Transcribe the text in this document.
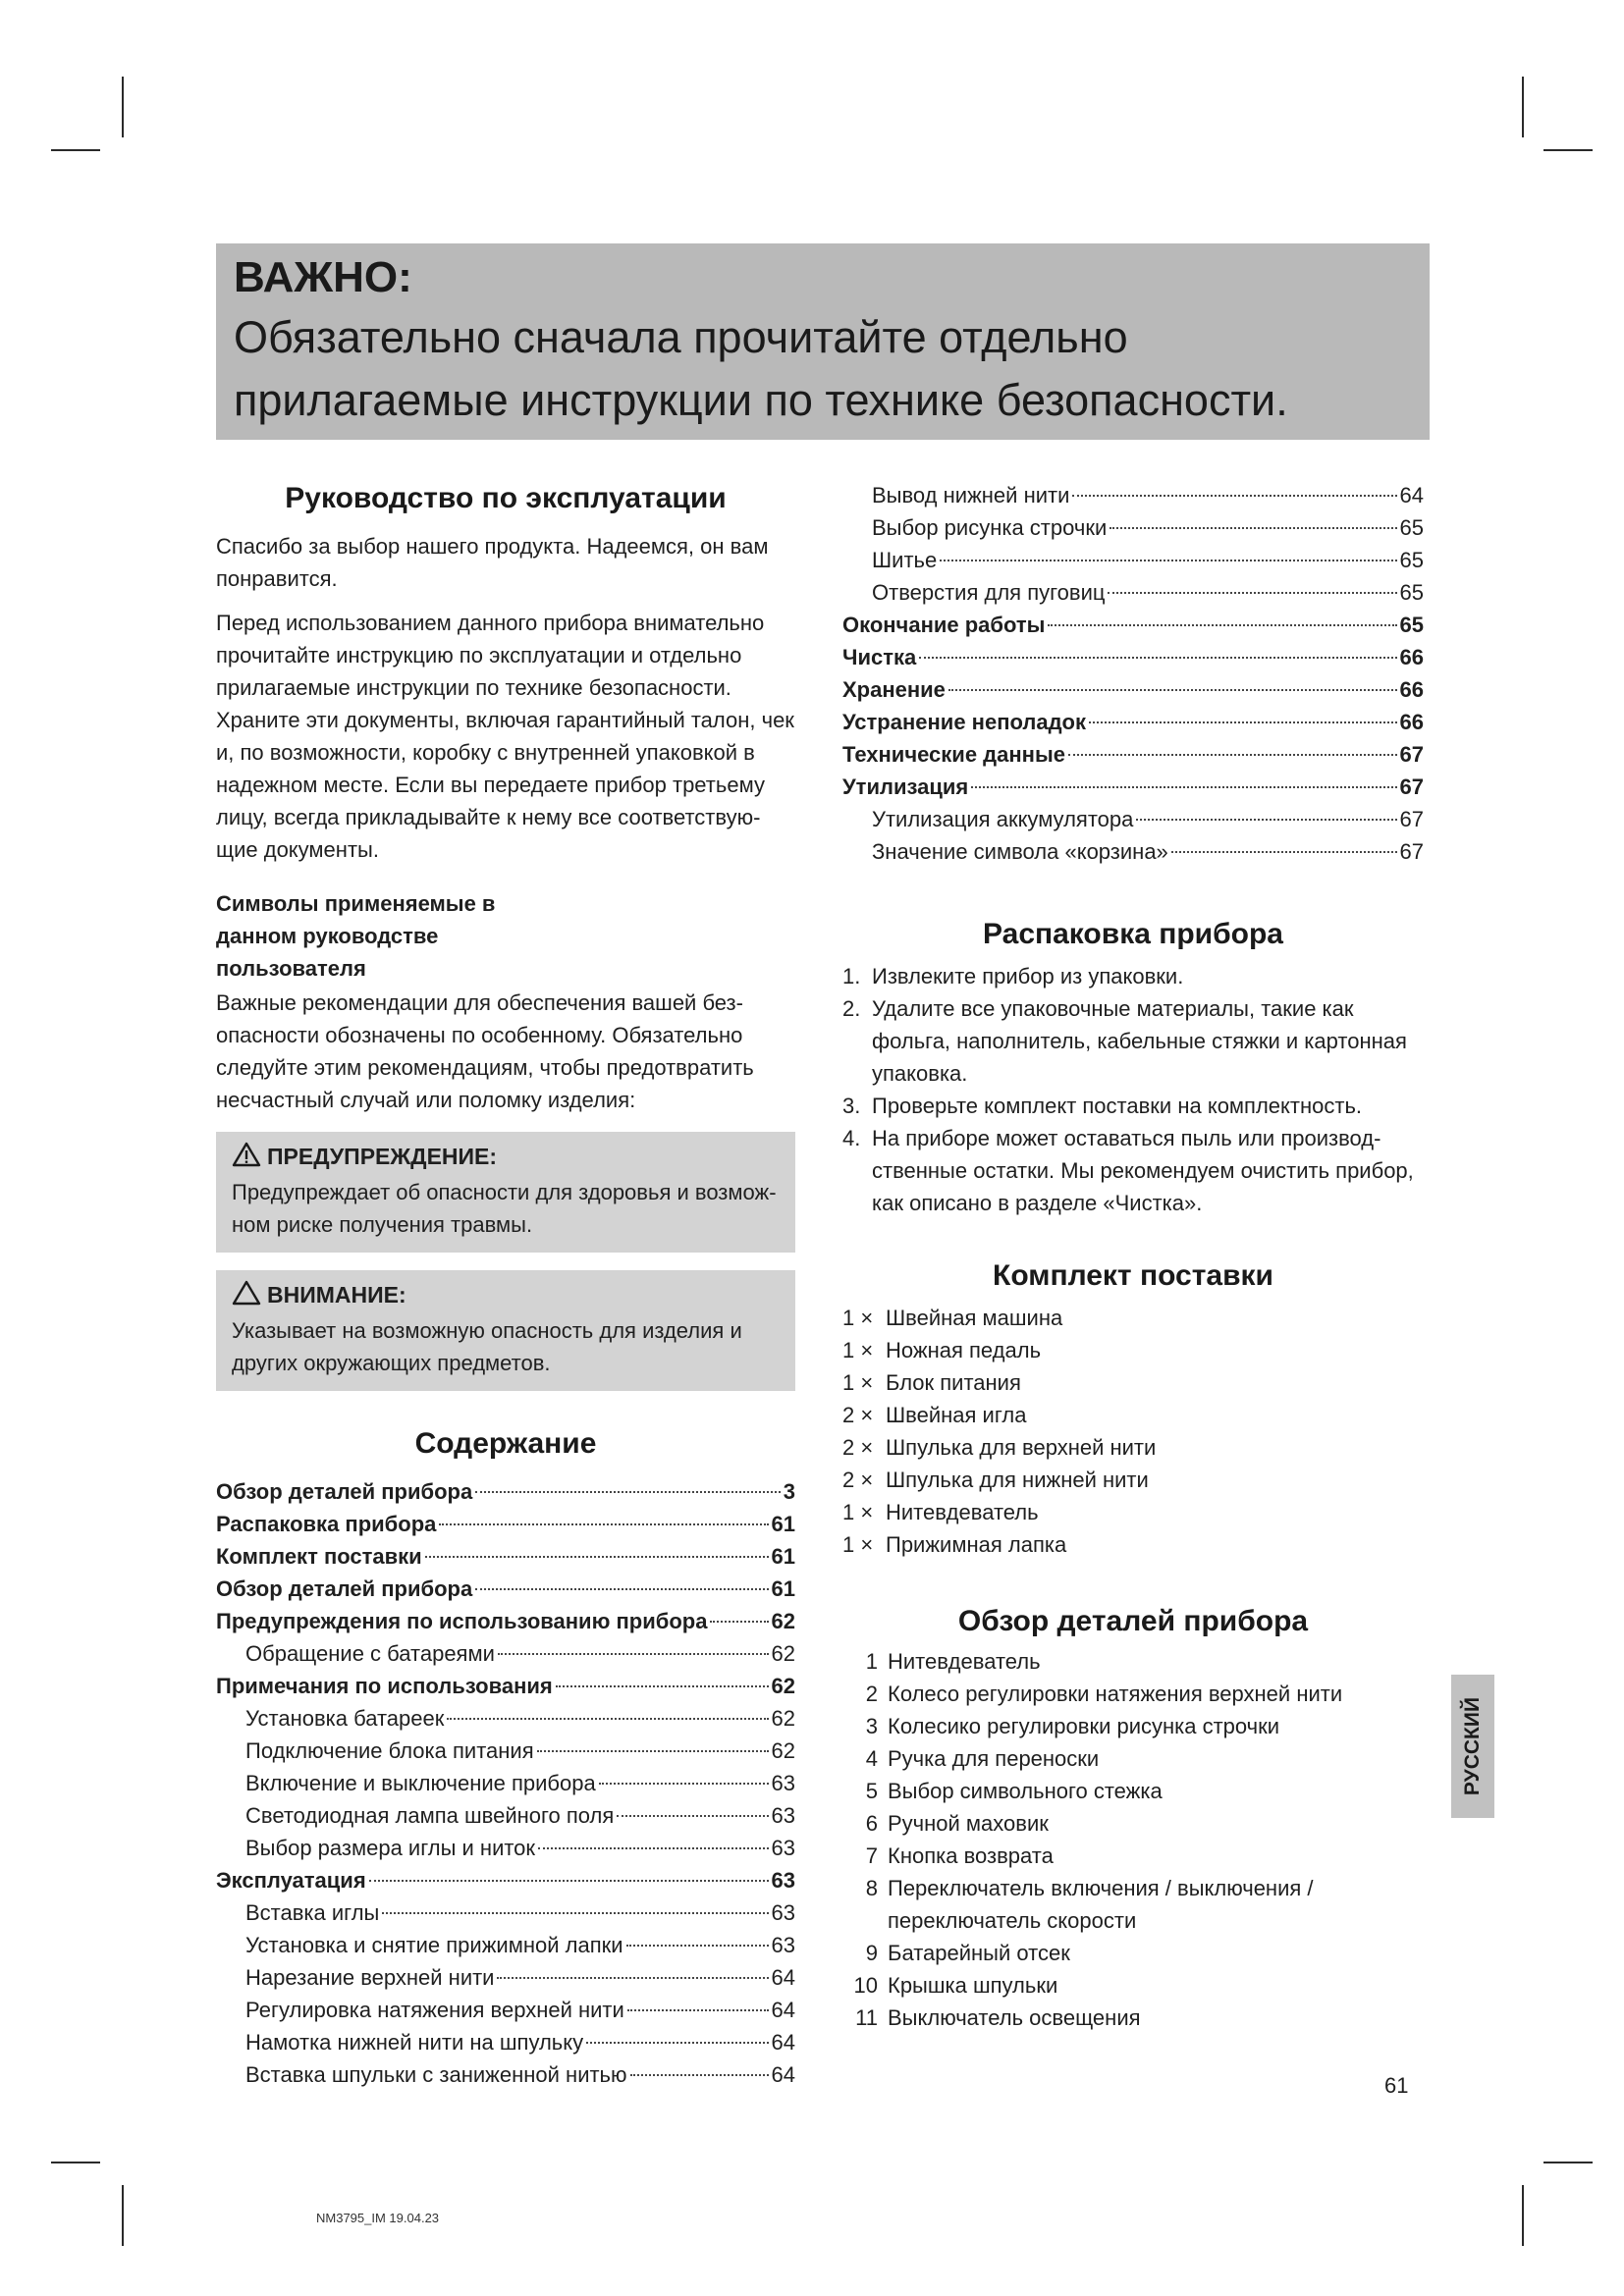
ВАЖНО:
Обязательно сначала прочитайте отдельно прилагаемые инструкции по технике безопасности.
Руководство по эксплуатации

Спасибо за выбор нашего продукта. Надеемся, он вам понравится.

Перед использованием данного прибора внимательно прочитайте инструкцию по эксплуатации и отдельно прилагаемые инструкции по технике безопасности. Храните эти документы, включая гарантийный талон, чек и, по возможности, коробку с внутренней упаковкой в надежном месте. Если вы передаете прибор третьему лицу, всегда прикладывайте к нему все соответствую-щие документы.

Символы применяемые в данном руководстве пользователя

Важные рекомендации для обеспечения вашей без-опасности обозначены по особенному. Обязательно следуйте этим рекомендациям, чтобы предотвратить несчастный случай или поломку изделия:

ПРЕДУПРЕЖДЕНИЕ:
Предупреждает об опасности для здоровья и возмож-ном риске получения травмы.
ВНИМАНИЕ:
Указывает на возможную опасность для изделия и других окружающих предметов.
Содержание
Обзор деталей прибора	3
Распаковка прибора	61
Комплект поставки	61
Обзор деталей прибора	61
Предупреждения по использованию прибора	62
Обращение с батареями	62
Примечания по использования	62
Установка батареек	62
Подключение блока питания	62
Включение и выключение прибора	63
Светодиодная лампа швейного поля	63
Выбор размера иглы и ниток	63
Эксплуатация	63
Вставка иглы	63
Установка и снятие прижимной лапки	63
Нарезание верхней нити	64
Регулировка натяжения верхней нити	64
Намотка нижней нити на шпульку	64
Вставка шпульки с заниженной нитью	64
Вывод нижней нити	64
Выбор рисунка строчки	65
Шитье	65
Отверстия для пуговиц	65
Окончание работы	65
Чистка	66
Хранение	66
Устранение неполадок	66
Технические данные	67
Утилизация	67
Утилизация аккумулятора	67
Значение символа «корзина»	67
Распаковка прибора
1. Извлеките прибор из упаковки.
2. Удалите все упаковочные материалы, такие как фольга, наполнитель, кабельные стяжки и картонная упаковка.
3. Проверьте комплект поставки на комплектность.
4. На приборе может оставаться пыль или производ-ственные остатки. Мы рекомендуем очистить прибор, как описано в разделе «Чистка».
Комплект поставки
1 × Швейная машина
1 × Ножная педаль
1 × Блок питания
2 × Швейная игла
2 × Шпулька для верхней нити
2 × Шпулька для нижней нити
1 × Нитевдеватель
1 × Прижимная лапка
Обзор деталей прибора
1 Нитевдеватель
2 Колесо регулировки натяжения верхней нити
3 Колесико регулировки рисунка строчки
4 Ручка для переноски
5 Выбор символьного стежка
6 Ручной маховик
7 Кнопка возврата
8 Переключатель включения / выключения / переключатель скорости
9 Батарейный отсек
10 Крышка шпульки
11 Выключатель освещения
РУССКИЙ
61
NM3795_IM 19.04.23
